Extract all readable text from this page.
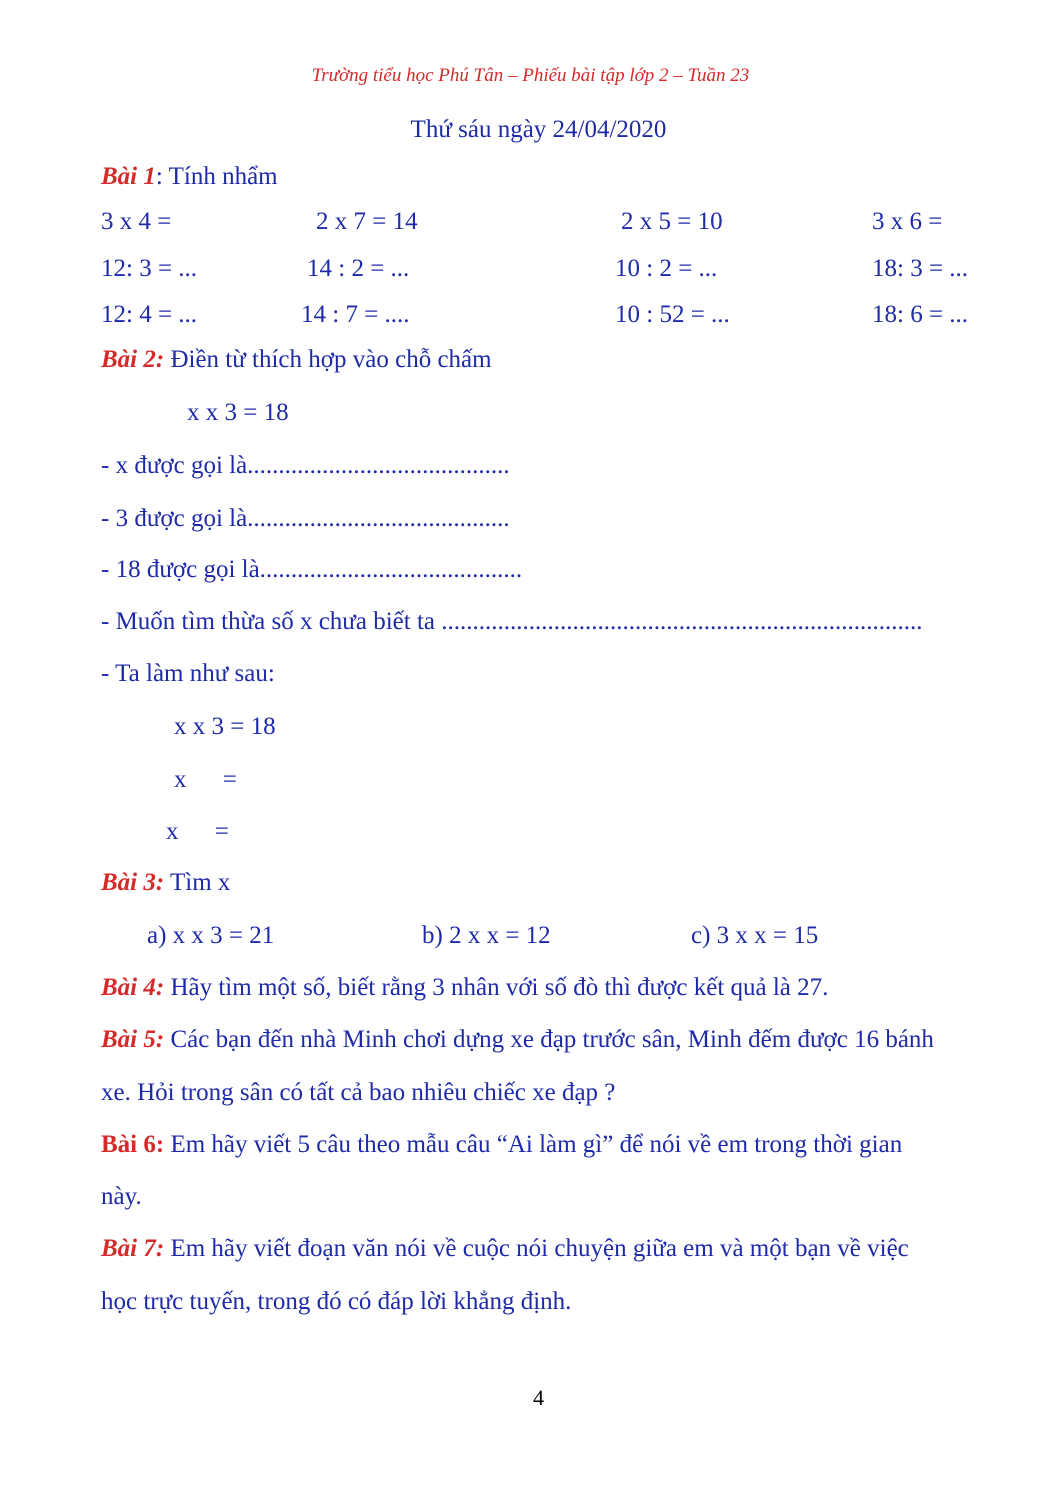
Trường tiểu học Phú Tân – Phiếu bài tập lớp 2 – Tuần 23
Thứ sáu ngày 24/04/2020
Bài 1: Tính nhẩm
3 x 4 =	2 x 7 = 14	2 x 5 = 10	3 x 6 =
12: 3 = ...	14 : 2 = ...	10 : 2 = ...	18: 3 = ...
12: 4 = ...	14 : 7 = ....	10 : 52 = ...	18: 6 = ...
Bài 2: Điền từ thích hợp vào chỗ chấm
x x 3 = 18
- x được gọi là..........................................
- 3 được gọi là..........................................
- 18 được gọi là..........................................
- Muốn tìm thừa số x chưa biết ta .............................................................................
- Ta làm như sau:
x x 3 = 18
x =
x =
Bài 3: Tìm x
a) x x 3 = 21	b) 2 x x = 12	c) 3 x x = 15
Bài 4: Hãy tìm một số, biết rằng 3 nhân với số đò thì được kết quả là 27.
Bài 5: Các bạn đến nhà Minh chơi dựng xe đạp trước sân, Minh đếm được 16 bánh
xe. Hỏi trong sân có tất cả bao nhiêu chiếc xe đạp ?
Bài 6: Em hãy viết 5 câu theo mẫu câu “Ai làm gì” để nói về em trong thời gian
này.
Bài 7: Em hãy viết đoạn văn nói về cuộc nói chuyện giữa em và một bạn về việc
học trực tuyến, trong đó có đáp lời khẳng định.
4
